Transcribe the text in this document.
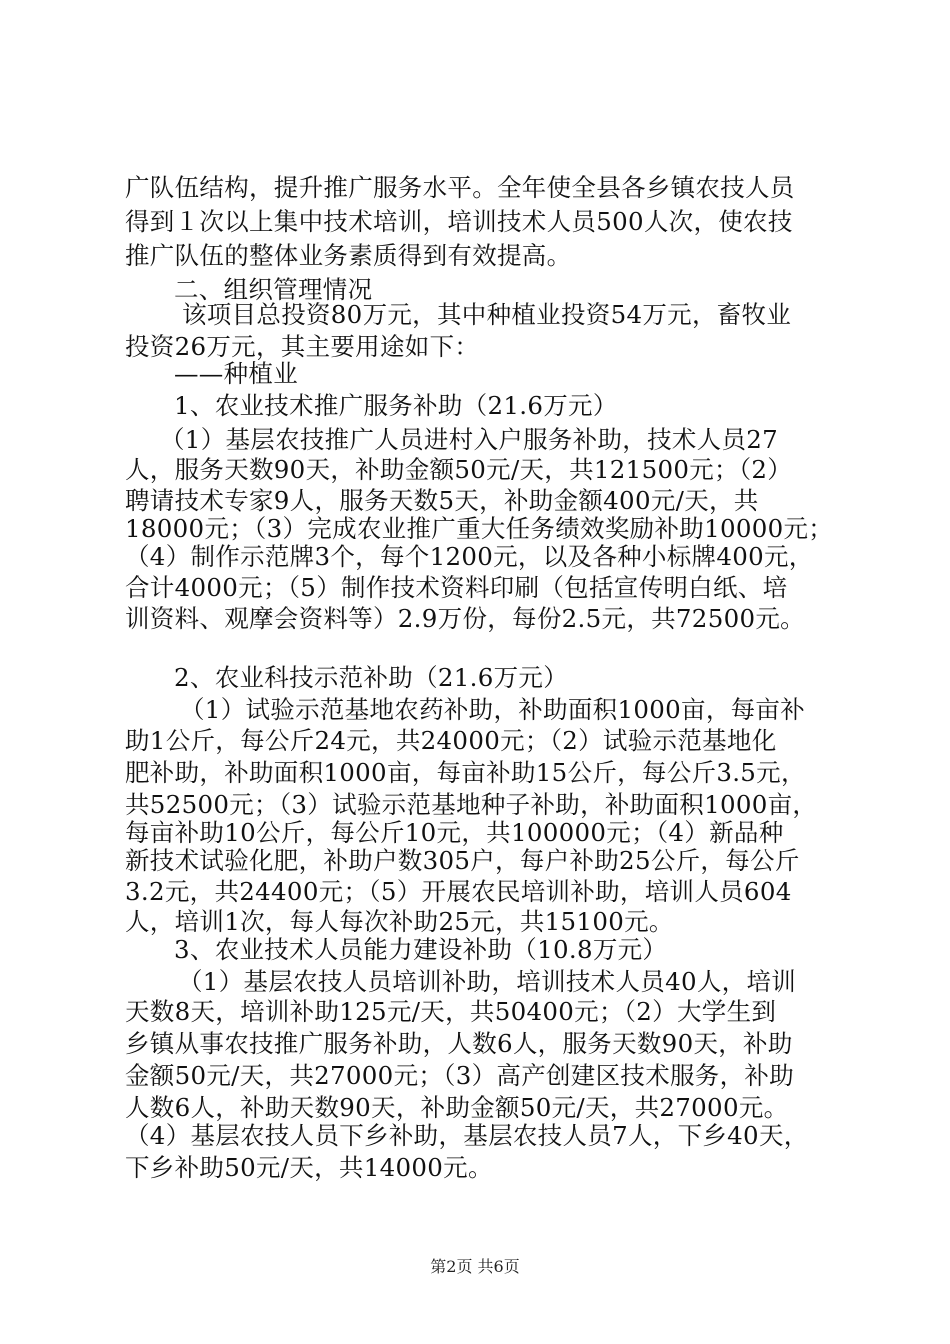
广队伍结构，提升推广服务水平。全年使全县各乡镇农技人员
得到１次以上集中技术培训，培训技术人员500人次，使农技
推广队伍的整体业务素质得到有效提高。
二、组织管理情况
该项目总投资80万元，其中种植业投资54万元，畜牧业
投资26万元，其主要用途如下：
——种植业
1、农业技术推广服务补助（21.6万元）
（1）基层农技推广人员进村入户服务补助，技术人员27
人，服务天数90天，补助金额50元/天，共121500元；（2）
聘请技术专家9人，服务天数5天，补助金额400元/天，共
18000元；（3）完成农业推广重大任务绩效奖励补助10000元；
（4）制作示范牌3个，每个1200元，以及各种小标牌400元，
合计4000元；（5）制作技术资料印刷（包括宣传明白纸、培
训资料、观摩会资料等）2.9万份，每份2.5元，共72500元。
2、农业科技示范补助（21.6万元）
（1）试验示范基地农药补助，补助面积1000亩，每亩补
助1公斤，每公斤24元，共24000元；（2）试验示范基地化
肥补助，补助面积1000亩，每亩补助15公斤，每公斤3.5元，
共52500元；（3）试验示范基地种子补助，补助面积1000亩，
每亩补助10公斤，每公斤10元，共100000元；（4）新品种
新技术试验化肥，补助户数305户，每户补助25公斤，每公斤
3.2元，共24400元；（5）开展农民培训补助，培训人员604
人，培训1次，每人每次补助25元，共15100元。
3、农业技术人员能力建设补助（10.8万元）
（1）基层农技人员培训补助，培训技术人员40人，培训
天数8天，培训补助125元/天，共50400元；（2）大学生到
乡镇从事农技推广服务补助，人数6人，服务天数90天，补助
金额50元/天，共27000元；（3）高产创建区技术服务，补助
人数6人，补助天数90天，补助金额50元/天，共27000元。
（4）基层农技人员下乡补助，基层农技人员7人，下乡40天，
下乡补助50元/天，共14000元。
第2页 共6页
